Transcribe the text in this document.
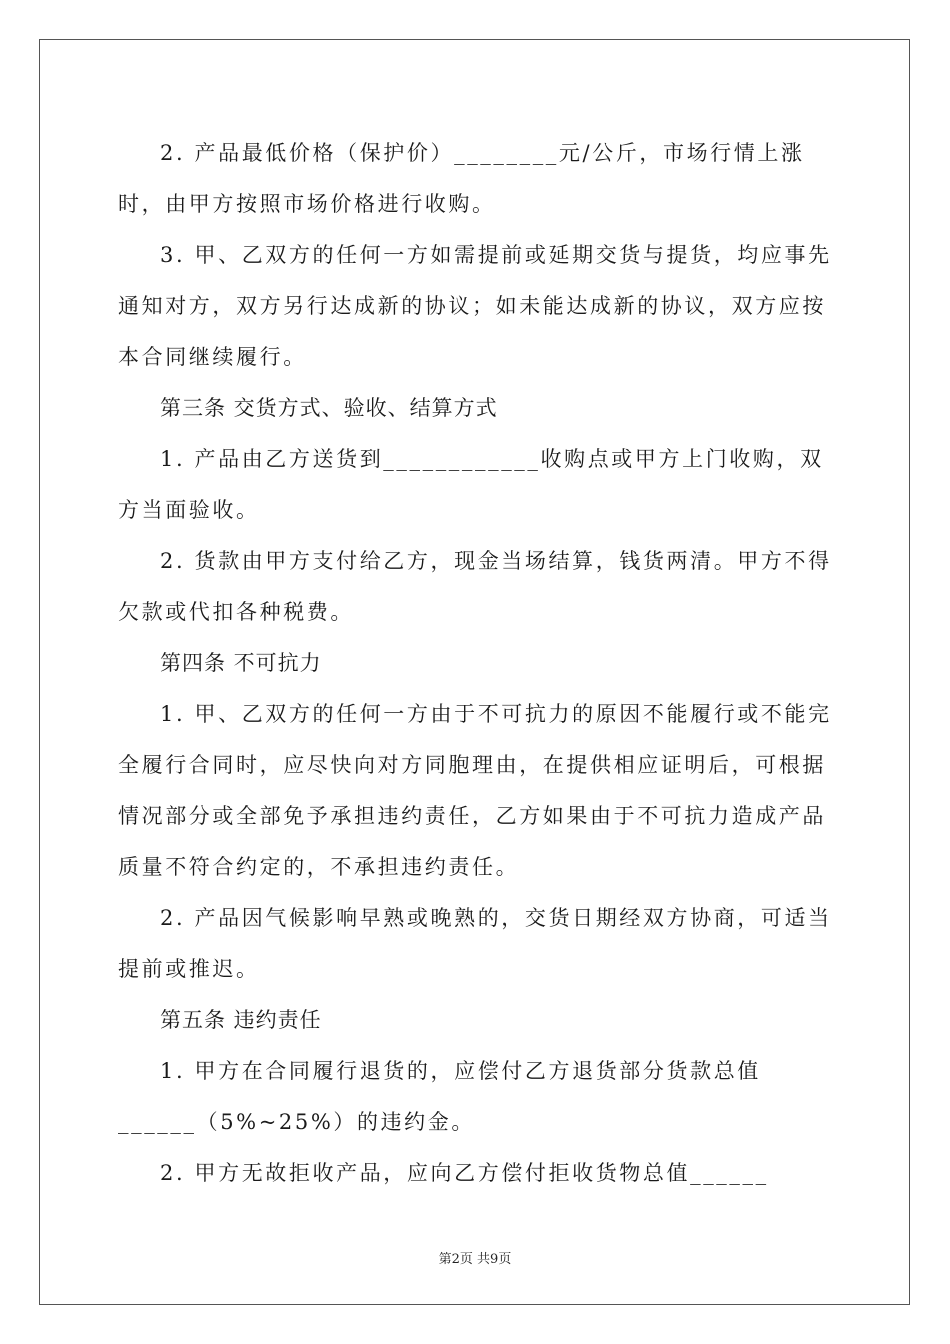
2. 产品最低价格（保护价）________元/公斤，市场行情上涨时，由甲方按照市场价格进行收购。

3. 甲、乙双方的任何一方如需提前或延期交货与提货，均应事先通知对方，双方另行达成新的协议；如未能达成新的协议，双方应按本合同继续履行。

第三条 交货方式、验收、结算方式

1. 产品由乙方送货到____________收购点或甲方上门收购，双方当面验收。

2. 货款由甲方支付给乙方，现金当场结算，钱货两清。甲方不得欠款或代扣各种税费。

第四条 不可抗力

1. 甲、乙双方的任何一方由于不可抗力的原因不能履行或不能完全履行合同时，应尽快向对方同胞理由，在提供相应证明后，可根据情况部分或全部免予承担违约责任，乙方如果由于不可抗力造成产品质量不符合约定的，不承担违约责任。

2. 产品因气候影响早熟或晚熟的，交货日期经双方协商，可适当提前或推迟。

第五条 违约责任

1. 甲方在合同履行退货的，应偿付乙方退货部分货款总值______（5%~25%）的违约金。

2. 甲方无故拒收产品，应向乙方偿付拒收货物总值______

第2页 共9页
